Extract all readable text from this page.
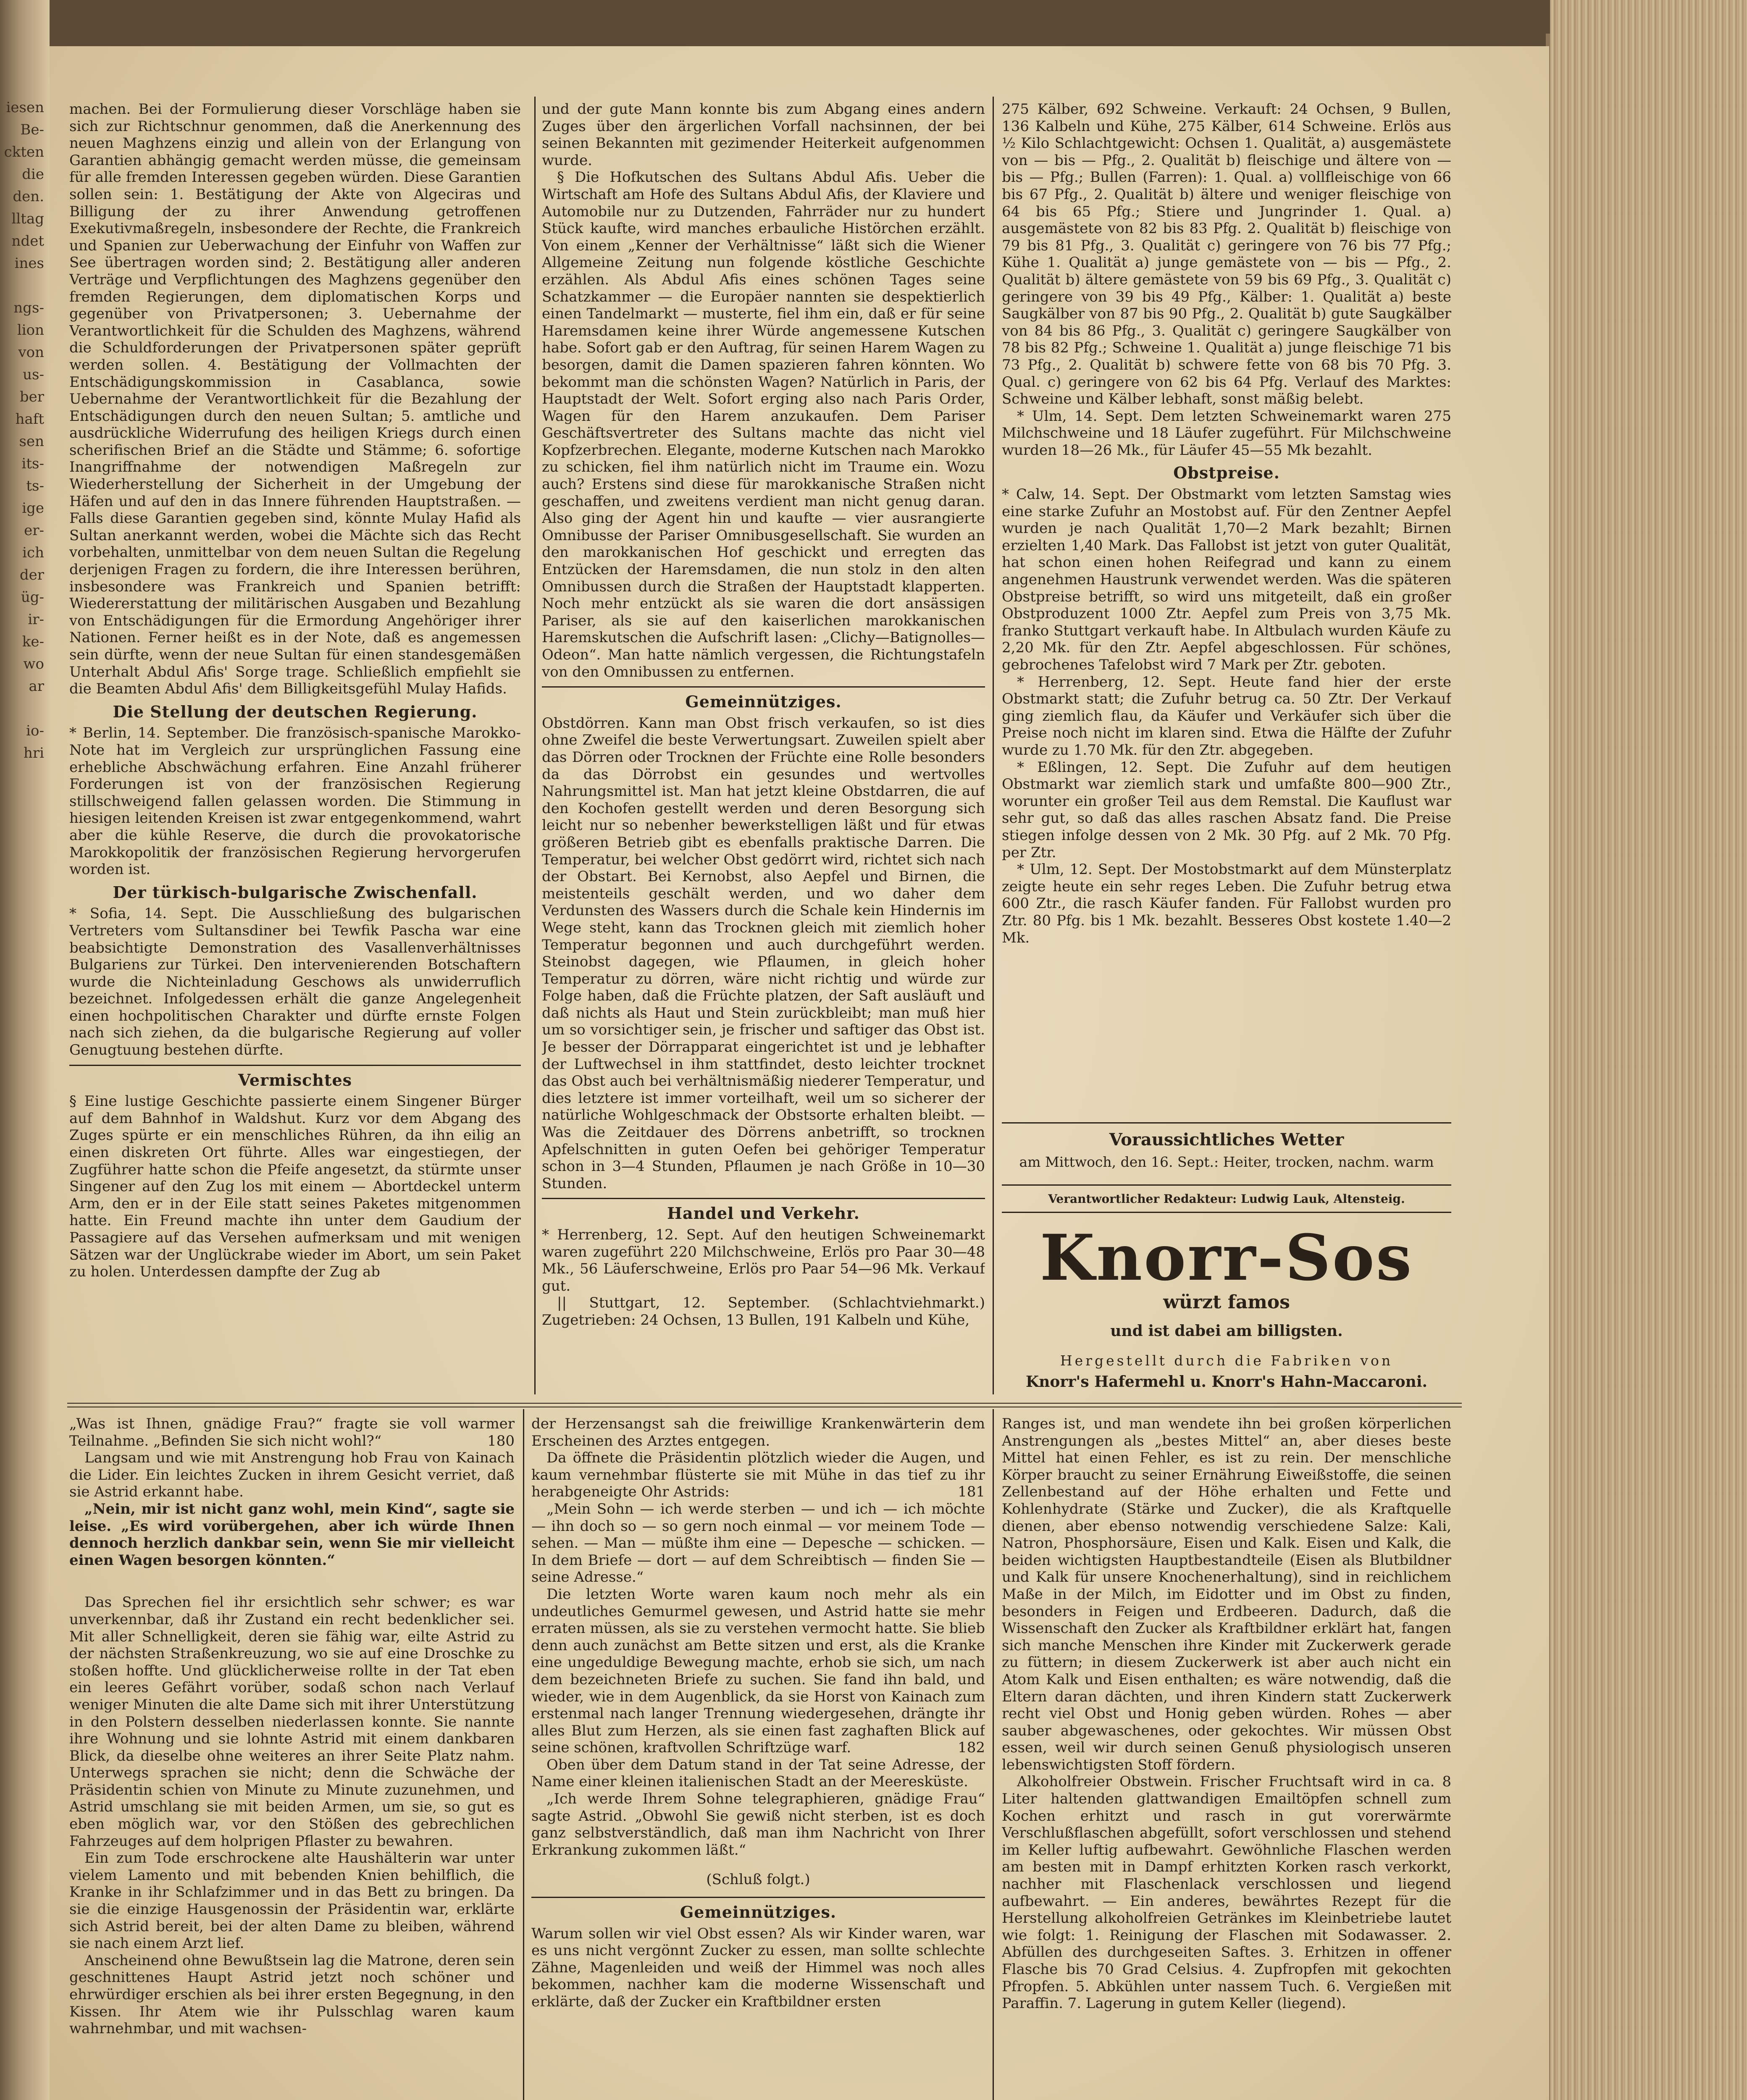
iesen
Be-
ckten
die
den.
lltag
ndet
ines

ngs-
lion
von
us-
ber
haft
sen
its-
ts-
ige
er-
ich
der
üg-
ir-
ke-
wo
ar

io-
hri

machen. Bei der Formulierung dieser Vorschläge haben sie sich zur Richtschnur genommen, daß die Anerkennung des neuen Maghzens einzig und allein von der Erlangung von Garantien abhängig gemacht werden müsse, die gemeinsam für alle fremden Interessen gegeben würden. Diese Garantien sollen sein: 1. Bestätigung der Akte von Algeciras und Billigung der zu ihrer Anwendung getroffenen Exekutivmaßregeln, insbesondere der Rechte, die Frankreich und Spanien zur Ueberwachung der Einfuhr von Waffen zur See übertragen worden sind; 2. Bestätigung aller anderen Verträge und Verpflichtungen des Maghzens gegenüber den fremden Regierungen, dem diplomatischen Korps und gegenüber von Privatpersonen; 3. Uebernahme der Verantwortlichkeit für die Schulden des Maghzens, während die Schuldforderungen der Privatpersonen später geprüft werden sollen. 4. Bestätigung der Vollmachten der Entschädigungskommission in Casablanca, sowie Uebernahme der Verantwortlichkeit für die Bezahlung der Entschädigungen durch den neuen Sultan; 5. amtliche und ausdrückliche Widerrufung des heiligen Kriegs durch einen scherifischen Brief an die Städte und Stämme; 6. sofortige Inangriffnahme der notwendigen Maßregeln zur Wiederherstellung der Sicherheit in der Umgebung der Häfen und auf den in das Innere führenden Hauptstraßen. — Falls diese Garantien gegeben sind, könnte Mulay Hafid als Sultan anerkannt werden, wobei die Mächte sich das Recht vorbehalten, unmittelbar von dem neuen Sultan die Regelung derjenigen Fragen zu fordern, die ihre Interessen berühren, insbesondere was Frankreich und Spanien betrifft: Wiedererstattung der militärischen Ausgaben und Bezahlung von Entschädigungen für die Ermordung Angehöriger ihrer Nationen. Ferner heißt es in der Note, daß es angemessen sein dürfte, wenn der neue Sultan für einen standesgemäßen Unterhalt Abdul Afis' Sorge trage. Schließlich empfiehlt sie die Beamten Abdul Afis' dem Billigkeitsgefühl Mulay Hafids.

Die Stellung der deutschen Regierung.

* Berlin, 14. September. Die französisch-spanische Marokko-Note hat im Vergleich zur ursprünglichen Fassung eine erhebliche Abschwächung erfahren. Eine Anzahl früherer Forderungen ist von der französischen Regierung stillschweigend fallen gelassen worden. Die Stimmung in hiesigen leitenden Kreisen ist zwar entgegenkommend, wahrt aber die kühle Reserve, die durch die provokatorische Marokkopolitik der französischen Regierung hervorgerufen worden ist.

Der türkisch-bulgarische Zwischenfall.

* Sofia, 14. Sept. Die Ausschließung des bulgarischen Vertreters vom Sultansdiner bei Tewfik Pascha war eine beabsichtigte Demonstration des Vasallenverhältnisses Bulgariens zur Türkei. Den intervenierenden Botschaftern wurde die Nichteinladung Geschows als unwiderruflich bezeichnet. Infolgedessen erhält die ganze Angelegenheit einen hochpolitischen Charakter und dürfte ernste Folgen nach sich ziehen, da die bulgarische Regierung auf voller Genugtuung bestehen dürfte.

Vermischtes

§ Eine lustige Geschichte passierte einem Singener Bürger auf dem Bahnhof in Waldshut. Kurz vor dem Abgang des Zuges spürte er ein menschliches Rühren, da ihn eilig an einen diskreten Ort führte. Alles war eingestiegen, der Zugführer hatte schon die Pfeife angesetzt, da stürmte unser Singener auf den Zug los mit einem — Abortdeckel unterm Arm, den er in der Eile statt seines Paketes mitgenommen hatte. Ein Freund machte ihn unter dem Gaudium der Passagiere auf das Versehen aufmerksam und mit wenigen Sätzen war der Unglückrabe wieder im Abort, um sein Paket zu holen. Unterdessen dampfte der Zug ab

und der gute Mann konnte bis zum Abgang eines andern Zuges über den ärgerlichen Vorfall nachsinnen, der bei seinen Bekannten mit gezimender Heiterkeit aufgenommen wurde.

§ Die Hofkutschen des Sultans Abdul Afis. Ueber die Wirtschaft am Hofe des Sultans Abdul Afis, der Klaviere und Automobile nur zu Dutzenden, Fahrräder nur zu hundert Stück kaufte, wird manches erbauliche Histörchen erzählt. Von einem „Kenner der Verhältnisse“ läßt sich die Wiener Allgemeine Zeitung nun folgende köstliche Geschichte erzählen. Als Abdul Afis eines schönen Tages seine Schatzkammer — die Europäer nannten sie despektierlich einen Tandelmarkt — musterte, fiel ihm ein, daß er für seine Haremsdamen keine ihrer Würde angemessene Kutschen habe. Sofort gab er den Auftrag, für seinen Harem Wagen zu besorgen, damit die Damen spazieren fahren könnten. Wo bekommt man die schönsten Wagen? Natürlich in Paris, der Hauptstadt der Welt. Sofort erging also nach Paris Order, Wagen für den Harem anzukaufen. Dem Pariser Geschäftsvertreter des Sultans machte das nicht viel Kopfzerbrechen. Elegante, moderne Kutschen nach Marokko zu schicken, fiel ihm natürlich nicht im Traume ein. Wozu auch? Erstens sind diese für marokkanische Straßen nicht geschaffen, und zweitens verdient man nicht genug daran. Also ging der Agent hin und kaufte — vier ausrangierte Omnibusse der Pariser Omnibusgesellschaft. Sie wurden an den marokkanischen Hof geschickt und erregten das Entzücken der Haremsdamen, die nun stolz in den alten Omnibussen durch die Straßen der Hauptstadt klapperten. Noch mehr entzückt als sie waren die dort ansässigen Pariser, als sie auf den kaiserlichen marokkanischen Haremskutschen die Aufschrift lasen: „Clichy—Batignolles—Odeon“. Man hatte nämlich vergessen, die Richtungstafeln von den Omnibussen zu entfernen.

Gemeinnütziges.

Obstdörren. Kann man Obst frisch verkaufen, so ist dies ohne Zweifel die beste Verwertungsart. Zuweilen spielt aber das Dörren oder Trocknen der Früchte eine Rolle besonders da das Dörrobst ein gesundes und wertvolles Nahrungsmittel ist. Man hat jetzt kleine Obstdarren, die auf den Kochofen gestellt werden und deren Besorgung sich leicht nur so nebenher bewerkstelligen läßt und für etwas größeren Betrieb gibt es ebenfalls praktische Darren. Die Temperatur, bei welcher Obst gedörrt wird, richtet sich nach der Obstart. Bei Kernobst, also Aepfel und Birnen, die meistenteils geschält werden, und wo daher dem Verdunsten des Wassers durch die Schale kein Hindernis im Wege steht, kann das Trocknen gleich mit ziemlich hoher Temperatur begonnen und auch durchgeführt werden. Steinobst dagegen, wie Pflaumen, in gleich hoher Temperatur zu dörren, wäre nicht richtig und würde zur Folge haben, daß die Früchte platzen, der Saft ausläuft und daß nichts als Haut und Stein zurückbleibt; man muß hier um so vorsichtiger sein, je frischer und saftiger das Obst ist. Je besser der Dörrapparat eingerichtet ist und je lebhafter der Luftwechsel in ihm stattfindet, desto leichter trocknet das Obst auch bei verhältnismäßig niederer Temperatur, und dies letztere ist immer vorteilhaft, weil um so sicherer der natürliche Wohlgeschmack der Obstsorte erhalten bleibt. — Was die Zeitdauer des Dörrens anbetrifft, so trocknen Apfelschnitten in guten Oefen bei gehöriger Temperatur schon in 3—4 Stunden, Pflaumen je nach Größe in 10—30 Stunden.

Handel und Verkehr.

* Herrenberg, 12. Sept. Auf den heutigen Schweinemarkt waren zugeführt 220 Milchschweine, Erlös pro Paar 30—48 Mk., 56 Läuferschweine, Erlös pro Paar 54—96 Mk. Verkauf gut.

|| Stuttgart, 12. September. (Schlachtviehmarkt.) Zugetrieben: 24 Ochsen, 13 Bullen, 191 Kalbeln und Kühe,

275 Kälber, 692 Schweine. Verkauft: 24 Ochsen, 9 Bullen, 136 Kalbeln und Kühe, 275 Kälber, 614 Schweine. Erlös aus ½ Kilo Schlachtgewicht: Ochsen 1. Qualität, a) ausgemästete von — bis — Pfg., 2. Qualität b) fleischige und ältere von — bis — Pfg.; Bullen (Farren): 1. Qual. a) vollfleischige von 66 bis 67 Pfg., 2. Qualität b) ältere und weniger fleischige von 64 bis 65 Pfg.; Stiere und Jungrinder 1. Qual. a) ausgemästete von 82 bis 83 Pfg. 2. Qualität b) fleischige von 79 bis 81 Pfg., 3. Qualität c) geringere von 76 bis 77 Pfg.; Kühe 1. Qualität a) junge gemästete von — bis — Pfg., 2. Qualität b) ältere gemästete von 59 bis 69 Pfg., 3. Qualität c) geringere von 39 bis 49 Pfg., Kälber: 1. Qualität a) beste Saugkälber von 87 bis 90 Pfg., 2. Qualität b) gute Saugkälber von 84 bis 86 Pfg., 3. Qualität c) geringere Saugkälber von 78 bis 82 Pfg.; Schweine 1. Qualität a) junge fleischige 71 bis 73 Pfg., 2. Qualität b) schwere fette von 68 bis 70 Pfg. 3. Qual. c) geringere von 62 bis 64 Pfg. Verlauf des Marktes: Schweine und Kälber lebhaft, sonst mäßig belebt.

* Ulm, 14. Sept. Dem letzten Schweinemarkt waren 275 Milchschweine und 18 Läufer zugeführt. Für Milchschweine wurden 18—26 Mk., für Läufer 45—55 Mk bezahlt.

Obstpreise.

* Calw, 14. Sept. Der Obstmarkt vom letzten Samstag wies eine starke Zufuhr an Mostobst auf. Für den Zentner Aepfel wurden je nach Qualität 1,70—2 Mark bezahlt; Birnen erzielten 1,40 Mark. Das Fallobst ist jetzt von guter Qualität, hat schon einen hohen Reifegrad und kann zu einem angenehmen Haustrunk verwendet werden. Was die späteren Obstpreise betrifft, so wird uns mitgeteilt, daß ein großer Obstproduzent 1000 Ztr. Aepfel zum Preis von 3,75 Mk. franko Stuttgart verkauft habe. In Altbulach wurden Käufe zu 2,20 Mk. für den Ztr. Aepfel abgeschlossen. Für schönes, gebrochenes Tafelobst wird 7 Mark per Ztr. geboten.

* Herrenberg, 12. Sept. Heute fand hier der erste Obstmarkt statt; die Zufuhr betrug ca. 50 Ztr. Der Verkauf ging ziemlich flau, da Käufer und Verkäufer sich über die Preise noch nicht im klaren sind. Etwa die Hälfte der Zufuhr wurde zu 1.70 Mk. für den Ztr. abgegeben.

* Eßlingen, 12. Sept. Die Zufuhr auf dem heutigen Obstmarkt war ziemlich stark und umfaßte 800—900 Ztr., worunter ein großer Teil aus dem Remstal. Die Kauflust war sehr gut, so daß das alles raschen Absatz fand. Die Preise stiegen infolge dessen von 2 Mk. 30 Pfg. auf 2 Mk. 70 Pfg. per Ztr.

* Ulm, 12. Sept. Der Mostobstmarkt auf dem Münsterplatz zeigte heute ein sehr reges Leben. Die Zufuhr betrug etwa 600 Ztr., die rasch Käufer fanden. Für Fallobst wurden pro Ztr. 80 Pfg. bis 1 Mk. bezahlt. Besseres Obst kostete 1.40—2 Mk.

Voraussichtliches Wetter
am Mittwoch, den 16. Sept.: Heiter, trocken, nachm. warm
Verantwortlicher Redakteur: Ludwig Lauk, Altensteig.
Knorr-Sos
würzt famos
und ist dabei am billigsten.
Hergestellt durch die Fabriken von
Knorr's Hafermehl u. Knorr's Hahn-Maccaroni.

„Was ist Ihnen, gnädige Frau?“ fragte sie voll warmer Teilnahme. „Befinden Sie sich nicht wohl?“	180

Langsam und wie mit Anstrengung hob Frau von Kainach die Lider. Ein leichtes Zucken in ihrem Gesicht verriet, daß sie Astrid erkannt habe.

„Nein, mir ist nicht ganz wohl, mein Kind“, sagte sie leise. „Es wird vorübergehen, aber ich würde Ihnen dennoch herzlich dankbar sein, wenn Sie mir vielleicht einen Wagen besorgen könnten.“

Das Sprechen fiel ihr ersichtlich sehr schwer; es war unverkennbar, daß ihr Zustand ein recht bedenklicher sei. Mit aller Schnelligkeit, deren sie fähig war, eilte Astrid zu der nächsten Straßenkreuzung, wo sie auf eine Droschke zu stoßen hoffte. Und glücklicherweise rollte in der Tat eben ein leeres Gefährt vorüber, sodaß schon nach Verlauf weniger Minuten die alte Dame sich mit ihrer Unterstützung in den Polstern desselben niederlassen konnte. Sie nannte ihre Wohnung und sie lohnte Astrid mit einem dankbaren Blick, da dieselbe ohne weiteres an ihrer Seite Platz nahm. Unterwegs sprachen sie nicht; denn die Schwäche der Präsidentin schien von Minute zu Minute zuzunehmen, und Astrid umschlang sie mit beiden Armen, um sie, so gut es eben möglich war, vor den Stößen des gebrechlichen Fahrzeuges auf dem holprigen Pflaster zu bewahren.

Ein zum Tode erschrockene alte Haushälterin war unter vielem Lamento und mit bebenden Knien behilflich, die Kranke in ihr Schlafzimmer und in das Bett zu bringen. Da sie die einzige Hausgenossin der Präsidentin war, erklärte sich Astrid bereit, bei der alten Dame zu bleiben, während sie nach einem Arzt lief.

Anscheinend ohne Bewußtsein lag die Matrone, deren sein geschnittenes Haupt Astrid jetzt noch schöner und ehrwürdiger erschien als bei ihrer ersten Begegnung, in den Kissen. Ihr Atem wie ihr Pulsschlag waren kaum wahrnehmbar, und mit wachsen-

der Herzensangst sah die freiwillige Krankenwärterin dem Erscheinen des Arztes entgegen.

Da öffnete die Präsidentin plötzlich wieder die Augen, und kaum vernehmbar flüsterte sie mit Mühe in das tief zu ihr herabgeneigte Ohr Astrids:	181

„Mein Sohn — ich werde sterben — und ich — ich möchte — ihn doch so — so gern noch einmal — vor meinem Tode — sehen. — Man — müßte ihm eine — Depesche — schicken. — In dem Briefe — dort — auf dem Schreibtisch — finden Sie — seine Adresse.“

Die letzten Worte waren kaum noch mehr als ein undeutliches Gemurmel gewesen, und Astrid hatte sie mehr erraten müssen, als sie zu verstehen vermocht hatte. Sie blieb denn auch zunächst am Bette sitzen und erst, als die Kranke eine ungeduldige Bewegung machte, erhob sie sich, um nach dem bezeichneten Briefe zu suchen. Sie fand ihn bald, und wieder, wie in dem Augenblick, da sie Horst von Kainach zum erstenmal nach langer Trennung wiedergesehen, drängte ihr alles Blut zum Herzen, als sie einen fast zaghaften Blick auf seine schönen, kraftvollen Schriftzüge warf.	182

Oben über dem Datum stand in der Tat seine Adresse, der Name einer kleinen italienischen Stadt an der Meeresküste.

„Ich werde Ihrem Sohne telegraphieren, gnädige Frau“ sagte Astrid. „Obwohl Sie gewiß nicht sterben, ist es doch ganz selbstverständlich, daß man ihm Nachricht von Ihrer Erkrankung zukommen läßt.“

(Schluß folgt.)
Gemeinnütziges.

Warum sollen wir viel Obst essen? Als wir Kinder waren, war es uns nicht vergönnt Zucker zu essen, man sollte schlechte Zähne, Magenleiden und weiß der Himmel was noch alles bekommen, nachher kam die moderne Wissenschaft und erklärte, daß der Zucker ein Kraftbildner ersten

Ranges ist, und man wendete ihn bei großen körperlichen Anstrengungen als „bestes Mittel“ an, aber dieses beste Mittel hat einen Fehler, es ist zu rein. Der menschliche Körper braucht zu seiner Ernährung Eiweißstoffe, die seinen Zellenbestand auf der Höhe erhalten und Fette und Kohlenhydrate (Stärke und Zucker), die als Kraftquelle dienen, aber ebenso notwendig verschiedene Salze: Kali, Natron, Phosphorsäure, Eisen und Kalk. Eisen und Kalk, die beiden wichtigsten Hauptbestandteile (Eisen als Blutbildner und Kalk für unsere Knochenerhaltung), sind in reichlichem Maße in der Milch, im Eidotter und im Obst zu finden, besonders in Feigen und Erdbeeren. Dadurch, daß die Wissenschaft den Zucker als Kraftbildner erklärt hat, fangen sich manche Menschen ihre Kinder mit Zuckerwerk gerade zu füttern; in diesem Zuckerwerk ist aber auch nicht ein Atom Kalk und Eisen enthalten; es wäre notwendig, daß die Eltern daran dächten, und ihren Kindern statt Zuckerwerk recht viel Obst und Honig geben würden. Rohes — aber sauber abgewaschenes, oder gekochtes. Wir müssen Obst essen, weil wir durch seinen Genuß physiologisch unseren lebenswichtigsten Stoff fördern.

Alkoholfreier Obstwein. Frischer Fruchtsaft wird in ca. 8 Liter haltenden glattwandigen Emailtöpfen schnell zum Kochen erhitzt und rasch in gut vorerwärmte Verschlußflaschen abgefüllt, sofort verschlossen und stehend im Keller luftig aufbewahrt. Gewöhnliche Flaschen werden am besten mit in Dampf erhitzten Korken rasch verkorkt, nachher mit Flaschenlack verschlossen und liegend aufbewahrt. — Ein anderes, bewährtes Rezept für die Herstellung alkoholfreien Getränkes im Kleinbetriebe lautet wie folgt: 1. Reinigung der Flaschen mit Sodawasser. 2. Abfüllen des durchgeseiten Saftes. 3. Erhitzen in offener Flasche bis 70 Grad Celsius. 4. Zupfropfen mit gekochten Pfropfen. 5. Abkühlen unter nassem Tuch. 6. Vergießen mit Paraffin. 7. Lagerung in gutem Keller (liegend).
